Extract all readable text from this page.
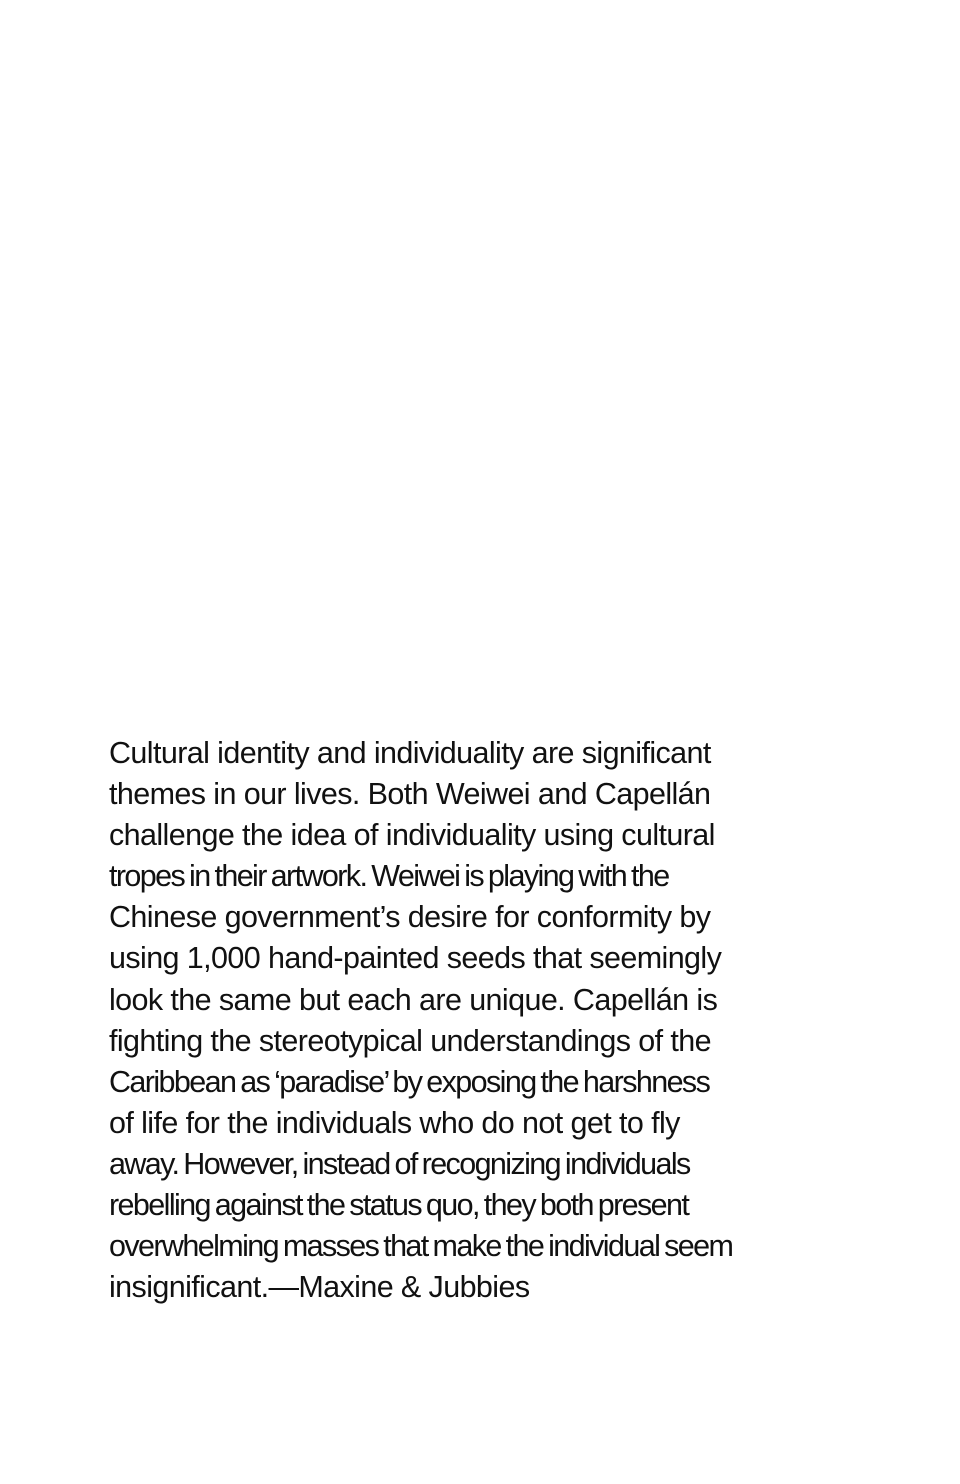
Cultural identity and individuality are significant
themes in our lives. Both Weiwei and Capellán
challenge the idea of individuality using cultural
tropes in their artwork. Weiwei is playing with the
Chinese government’s desire for conformity by
using 1,000 hand-painted seeds that seemingly
look the same but each are unique. Capellán is
fighting the stereotypical understandings of the
Caribbean as ‘paradise’ by exposing the harshness
of life for the individuals who do not get to fly
away. However, instead of recognizing individuals
rebelling against the status quo, they both present
overwhelming masses that make the individual seem
insignificant.—Maxine & Jubbies
